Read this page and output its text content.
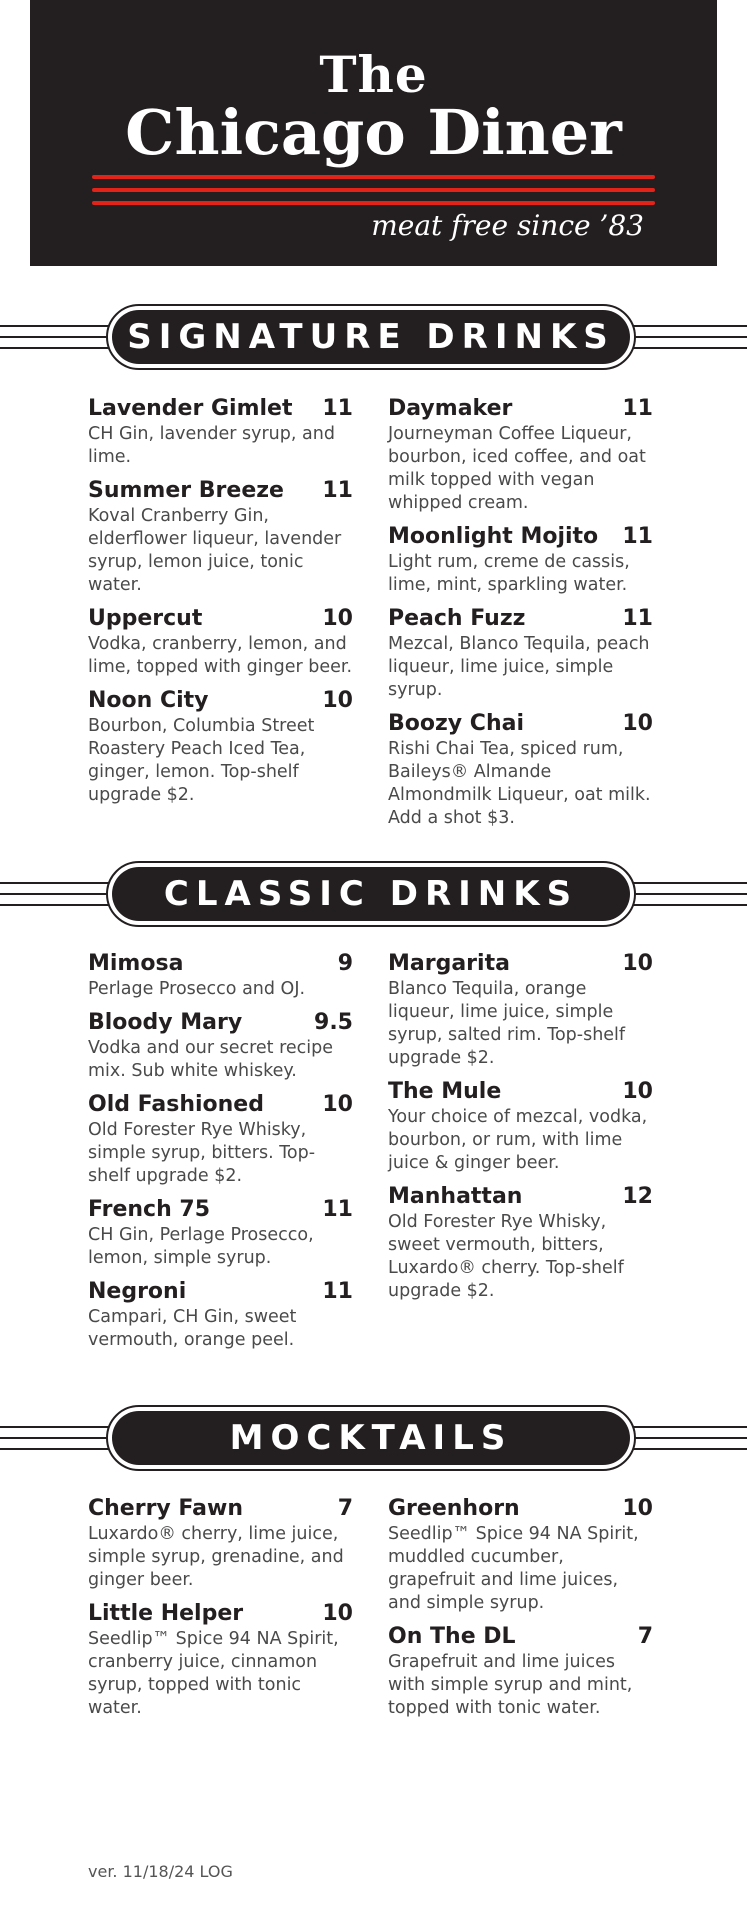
The
Chicago Diner
meat free since ’83
SIGNATURE DRINKS
Lavender Gimlet 11
CH Gin, lavender syrup, and lime.
Summer Breeze 11
Koval Cranberry Gin, elderflower liqueur, lavender syrup, lemon juice, tonic water.
Uppercut	10
Vodka, cranberry, lemon, and lime, topped with ginger beer.
Noon City	10
Bourbon, Columbia Street Roastery Peach Iced Tea, ginger, lemon. Top-shelf upgrade $2.
Daymaker	11
Journeyman Coffee Liqueur, bourbon, iced coffee, and oat milk topped with vegan whipped cream.
Moonlight Mojito 11
Light rum, creme de cassis, lime, mint, sparkling water.
Peach Fuzz	11
Mezcal, Blanco Tequila, peach liqueur, lime juice, simple syrup.
Boozy Chai	10
Rishi Chai Tea, spiced rum, Baileys® Almande Almondmilk Liqueur, oat milk. Add a shot $3.
CLASSIC DRINKS
Mimosa	9
Perlage Prosecco and OJ.
Bloody Mary	9.5
Vodka and our secret recipe mix. Sub white whiskey.
Old Fashioned	10
Old Forester Rye Whisky, simple syrup, bitters. Top-shelf upgrade $2.
French 75	11
CH Gin, Perlage Prosecco, lemon, simple syrup.
Negroni	11
Campari, CH Gin, sweet vermouth, orange peel.
Margarita	10
Blanco Tequila, orange liqueur, lime juice, simple syrup, salted rim. Top-shelf upgrade $2.
The Mule	10
Your choice of mezcal, vodka, bourbon, or rum, with lime juice & ginger beer.
Manhattan	12
Old Forester Rye Whisky, sweet vermouth, bitters, Luxardo® cherry. Top-shelf upgrade $2.
MOCKTAILS
Cherry Fawn	7
Luxardo® cherry, lime juice, simple syrup, grenadine, and ginger beer.
Little Helper	10
Seedlip™ Spice 94 NA Spirit, cranberry juice, cinnamon syrup, topped with tonic water.
Greenhorn	10
Seedlip™ Spice 94 NA Spirit, muddled cucumber, grapefruit and lime juices, and simple syrup.
On The DL	7
Grapefruit and lime juices with simple syrup and mint, topped with tonic water.
ver. 11/18/24 LOG
